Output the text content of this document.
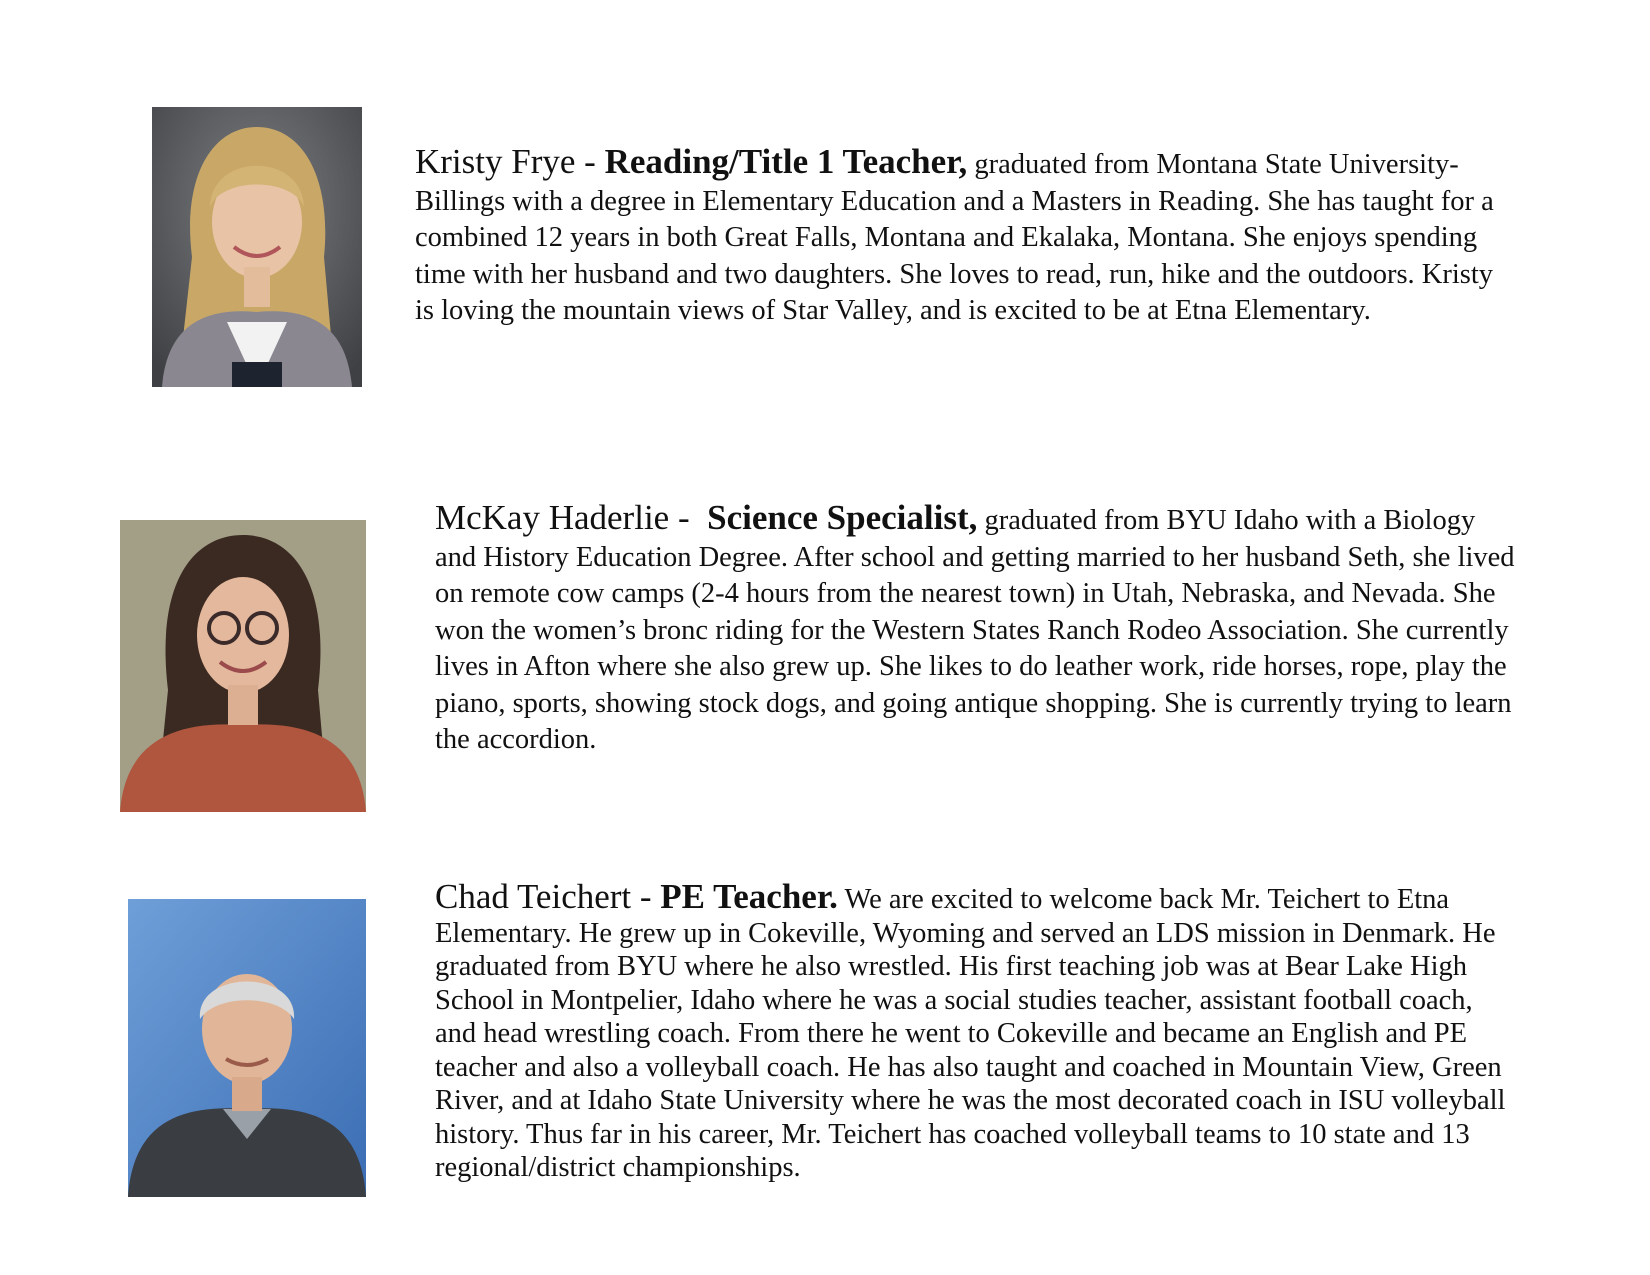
Kristy Frye - Reading/Title 1 Teacher, graduated from Montana State University-Billings with a degree in Elementary Education and a Masters in Reading. She has taught for a combined 12 years in both Great Falls, Montana and Ekalaka, Montana. She enjoys spending time with her husband and two daughters. She loves to read, run, hike and the outdoors. Kristy is loving the mountain views of Star Valley, and is excited to be at Etna Elementary.
McKay Haderlie -  Science Specialist, graduated from BYU Idaho with a Biology and History Education Degree. After school and getting married to her husband Seth, she lived on remote cow camps (2-4 hours from the nearest town) in Utah, Nebraska, and Nevada. She won the women’s bronc riding for the Western States Ranch Rodeo Association. She currently lives in Afton where she also grew up. She likes to do leather work, ride horses, rope, play the piano, sports, showing stock dogs, and going antique shopping. She is currently trying to learn the accordion.
Chad Teichert - PE Teacher. We are excited to welcome back Mr. Teichert to Etna Elementary. He grew up in Cokeville, Wyoming and served an LDS mission in Denmark. He graduated from BYU where he also wrestled. His first teaching job was at Bear Lake High School in Montpelier, Idaho where he was a social studies teacher, assistant football coach, and head wrestling coach. From there he went to Cokeville and became an English and PE teacher and also a volleyball coach. He has also taught and coached in Mountain View, Green River, and at Idaho State University where he was the most decorated coach in ISU volleyball history. Thus far in his career, Mr. Teichert has coached volleyball teams to 10 state and 13 regional/district championships.
